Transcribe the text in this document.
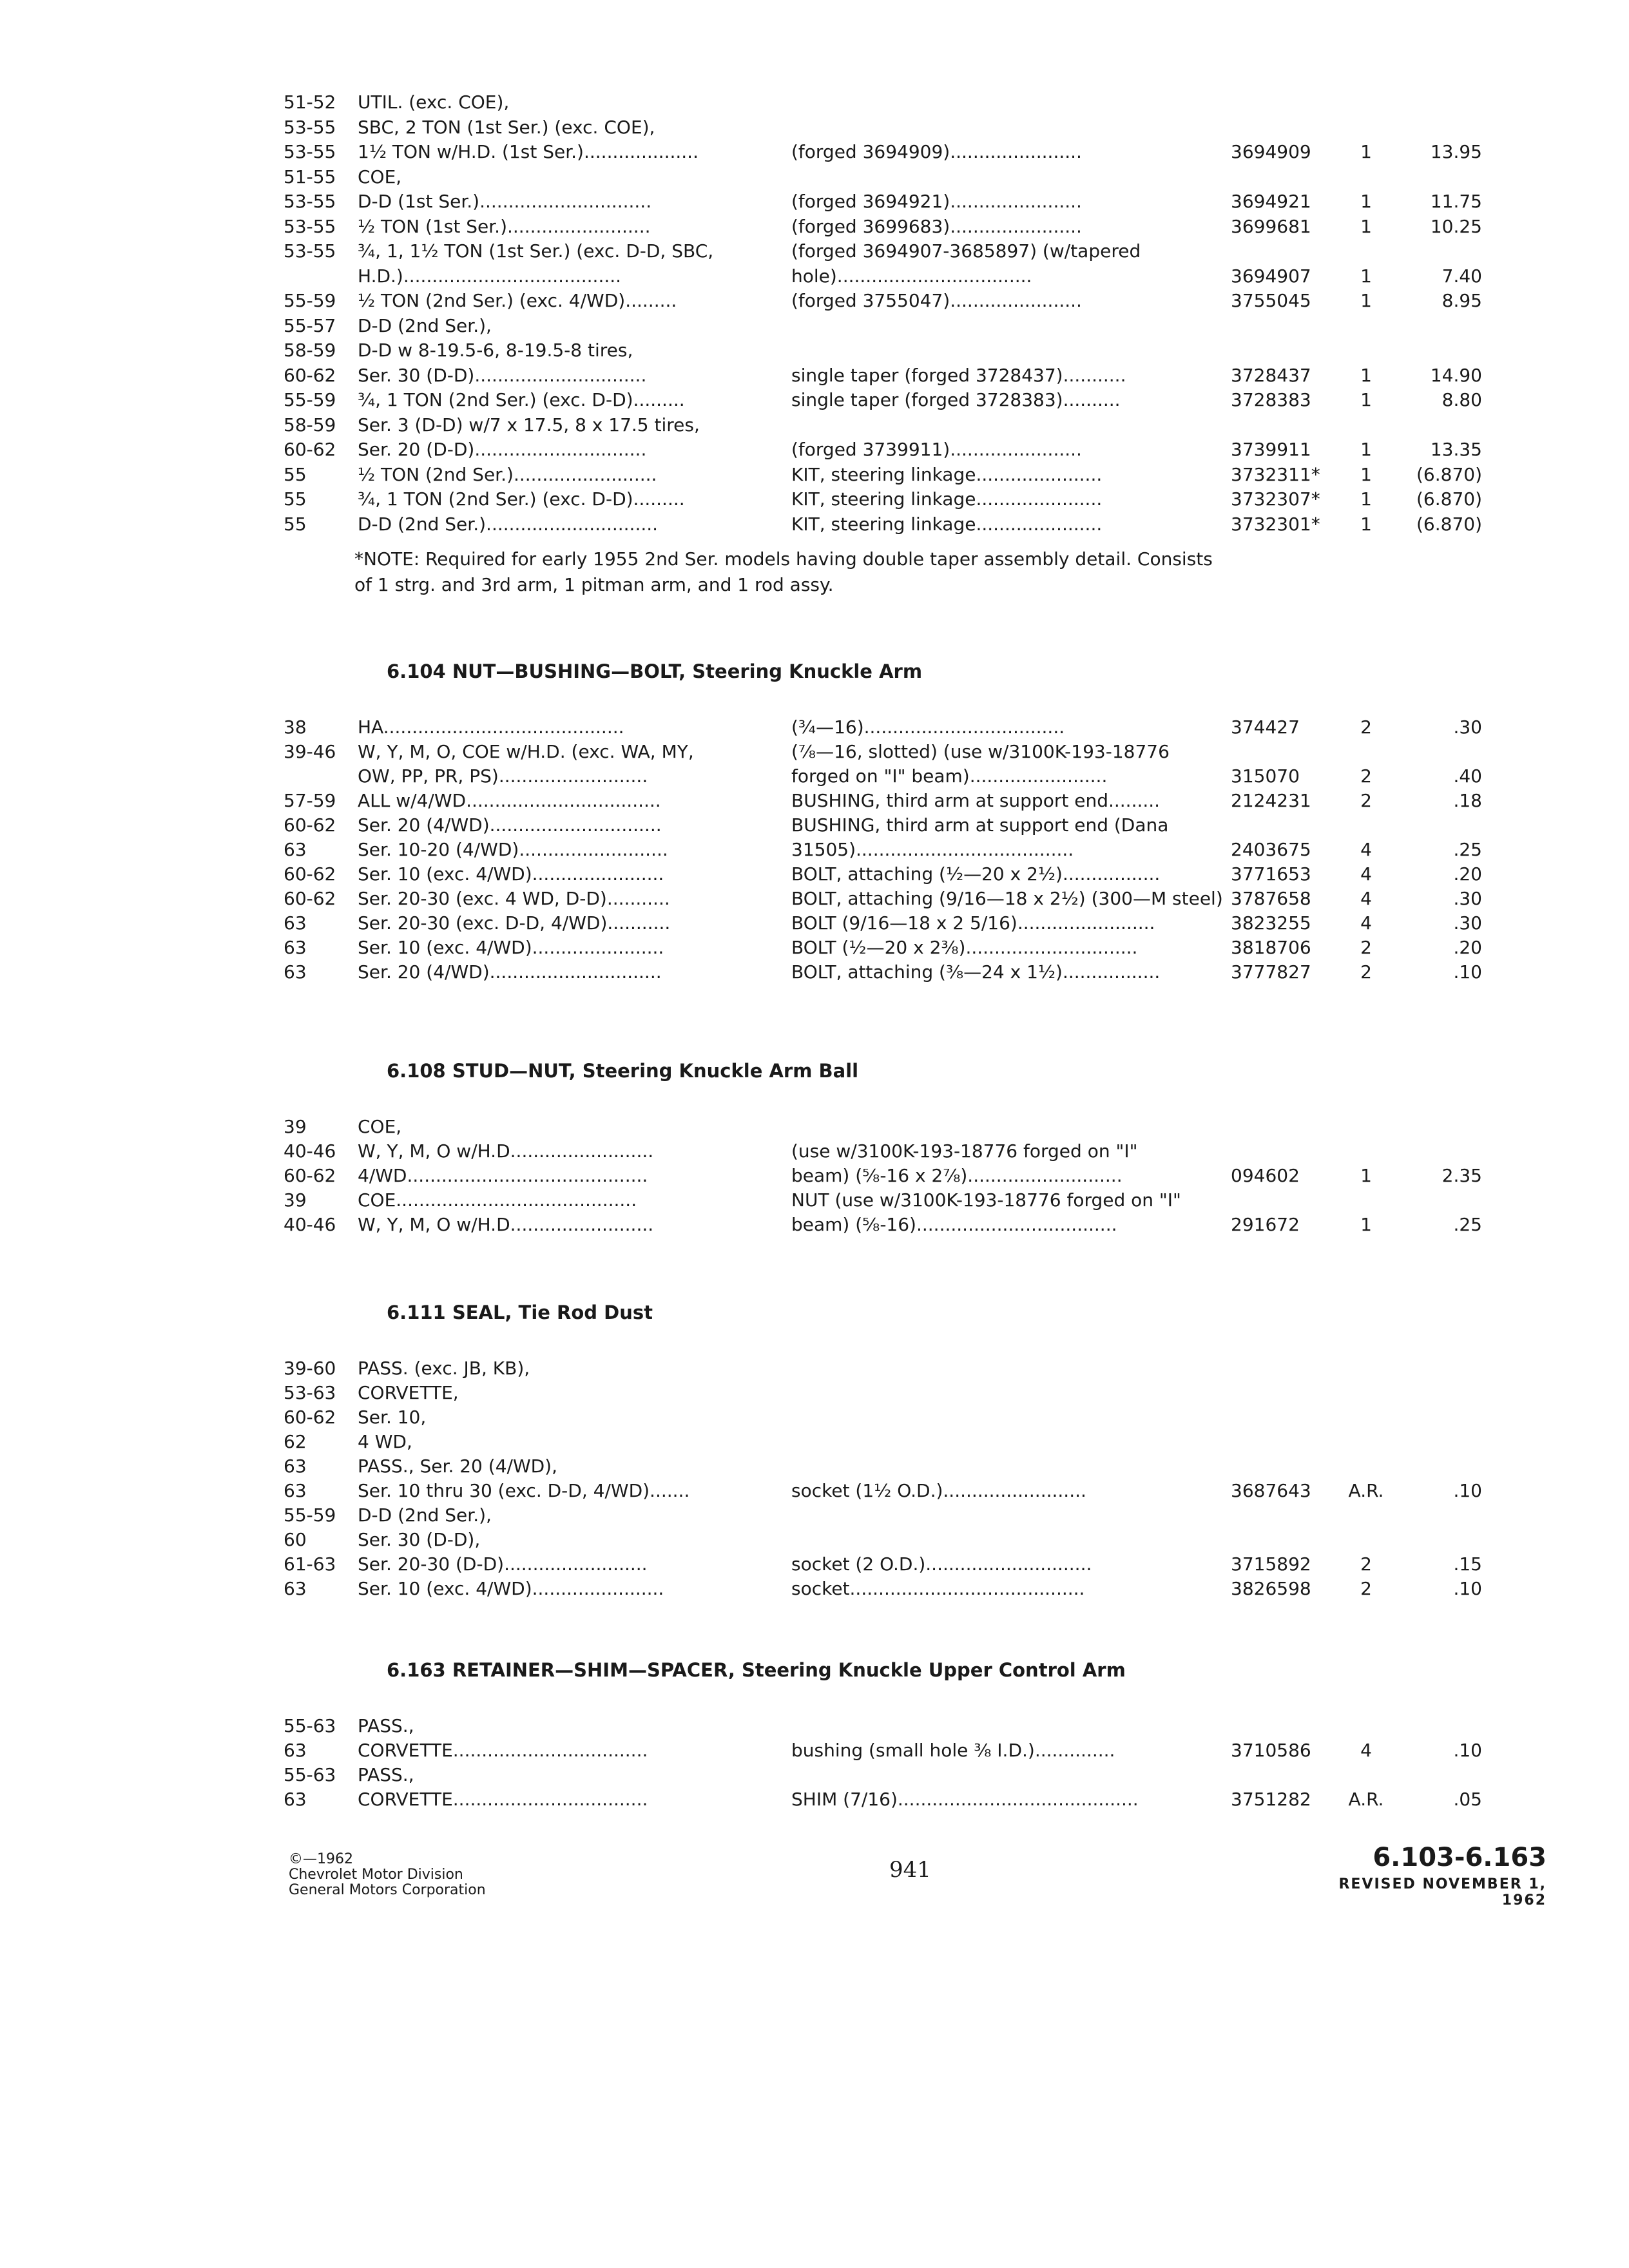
51-52 UTIL. (exc. COE),
53-55 SBC, 2 TON (1st Ser.) (exc. COE),
53-55 1½ TON w/H.D. (1st Ser.)....................	(forged 3694909).......................	3694909	1	13.95
51-55 COE,
53-55 D-D (1st Ser.)..............................	(forged 3694921).......................	3694921	1	11.75
53-55 ½ TON (1st Ser.).........................	(forged 3699683).......................	3699681	1	10.25
53-55 ¾, 1, 1½ TON (1st Ser.) (exc. D-D, SBC,	(forged 3694907-3685897) (w/tapered
H.D.)......................................	hole)..................................	3694907	1	7.40
55-59 ½ TON (2nd Ser.) (exc. 4/WD).........	(forged 3755047).......................	3755045	1	8.95
55-57 D-D (2nd Ser.),
58-59 D-D w 8-19.5-6, 8-19.5-8 tires,
60-62 Ser. 30 (D-D)..............................	single taper (forged 3728437)...........	3728437	1	14.90
55-59 ¾, 1 TON (2nd Ser.) (exc. D-D).........	single taper (forged 3728383)..........	3728383	1	8.80
58-59 Ser. 3 (D-D) w/7 x 17.5, 8 x 17.5 tires,
60-62 Ser. 20 (D-D)..............................	(forged 3739911).......................	3739911	1	13.35
55	½ TON (2nd Ser.).........................	KIT, steering linkage......................	3732311*	1	(6.870)
55	¾, 1 TON (2nd Ser.) (exc. D-D).........	KIT, steering linkage......................	3732307*	1	(6.870)
55	D-D (2nd Ser.)..............................	KIT, steering linkage......................	3732301*	1	(6.870)
*NOTE: Required for early 1955 2nd Ser. models having double taper assembly detail. Consists of 1 strg. and 3rd arm, 1 pitman arm, and 1 rod assy.
6.104 NUT—BUSHING—BOLT, Steering Knuckle Arm
38	HA..........................................	(¾—16)...................................	374427	2	.30
39-46 W, Y, M, O, COE w/H.D. (exc. WA, MY,	(⅞—16, slotted) (use w/3100K-193-18776
OW, PP, PR, PS)..........................	forged on "I" beam)........................	315070	2	.40
57-59 ALL w/4/WD..................................	BUSHING, third arm at support end.........	2124231	2	.18
60-62 Ser. 20 (4/WD)..............................	BUSHING, third arm at support end (Dana
63	Ser. 10-20 (4/WD)..........................	31505)......................................	2403675	4	.25
60-62 Ser. 10 (exc. 4/WD).......................	BOLT, attaching (½—20 x 2½).................	3771653	4	.20
60-62 Ser. 20-30 (exc. 4 WD, D-D)...........	BOLT, attaching (9/16—18 x 2½) (300—M steel) 3787658	4	.30
63	Ser. 20-30 (exc. D-D, 4/WD)...........	BOLT (9/16—18 x 2 5/16)........................	3823255	4	.30
63	Ser. 10 (exc. 4/WD).......................	BOLT (½—20 x 2⅜)..............................	3818706	2	.20
63	Ser. 20 (4/WD)..............................	BOLT, attaching (⅜—24 x 1½).................	3777827	2	.10
6.108 STUD—NUT, Steering Knuckle Arm Ball
39	COE,
40-46 W, Y, M, O w/H.D.........................	(use w/3100K-193-18776 forged on "I"
60-62 4/WD..........................................	beam) (⅝-16 x 2⅞)...........................	094602	1	2.35
39	COE..........................................	NUT (use w/3100K-193-18776 forged on "I"
40-46 W, Y, M, O w/H.D.........................	beam) (⅝-16)...................................	291672	1	.25
6.111 SEAL, Tie Rod Dust
39-60 PASS. (exc. JB, KB),
53-63 CORVETTE,
60-62 Ser. 10,
62	4 WD,
63	PASS., Ser. 20 (4/WD),
63	Ser. 10 thru 30 (exc. D-D, 4/WD).......	socket (1½ O.D.).........................	3687643	A.R.	.10
55-59 D-D (2nd Ser.),
60	Ser. 30 (D-D),
61-63 Ser. 20-30 (D-D).........................	socket (2 O.D.).............................	3715892	2	.15
63	Ser. 10 (exc. 4/WD).......................	socket.........................................	3826598	2	.10
6.163 RETAINER—SHIM—SPACER, Steering Knuckle Upper Control Arm
55-63 PASS.,
63	CORVETTE..................................	bushing (small hole ⅜ I.D.)..............	3710586	4	.10
55-63 PASS.,
63	CORVETTE..................................	SHIM (7/16)..........................................	3751282	A.R.	.05
©—1962
Chevrolet Motor Division
General Motors Corporation
941	6.103-6.163
REVISED NOVEMBER 1, 1962
